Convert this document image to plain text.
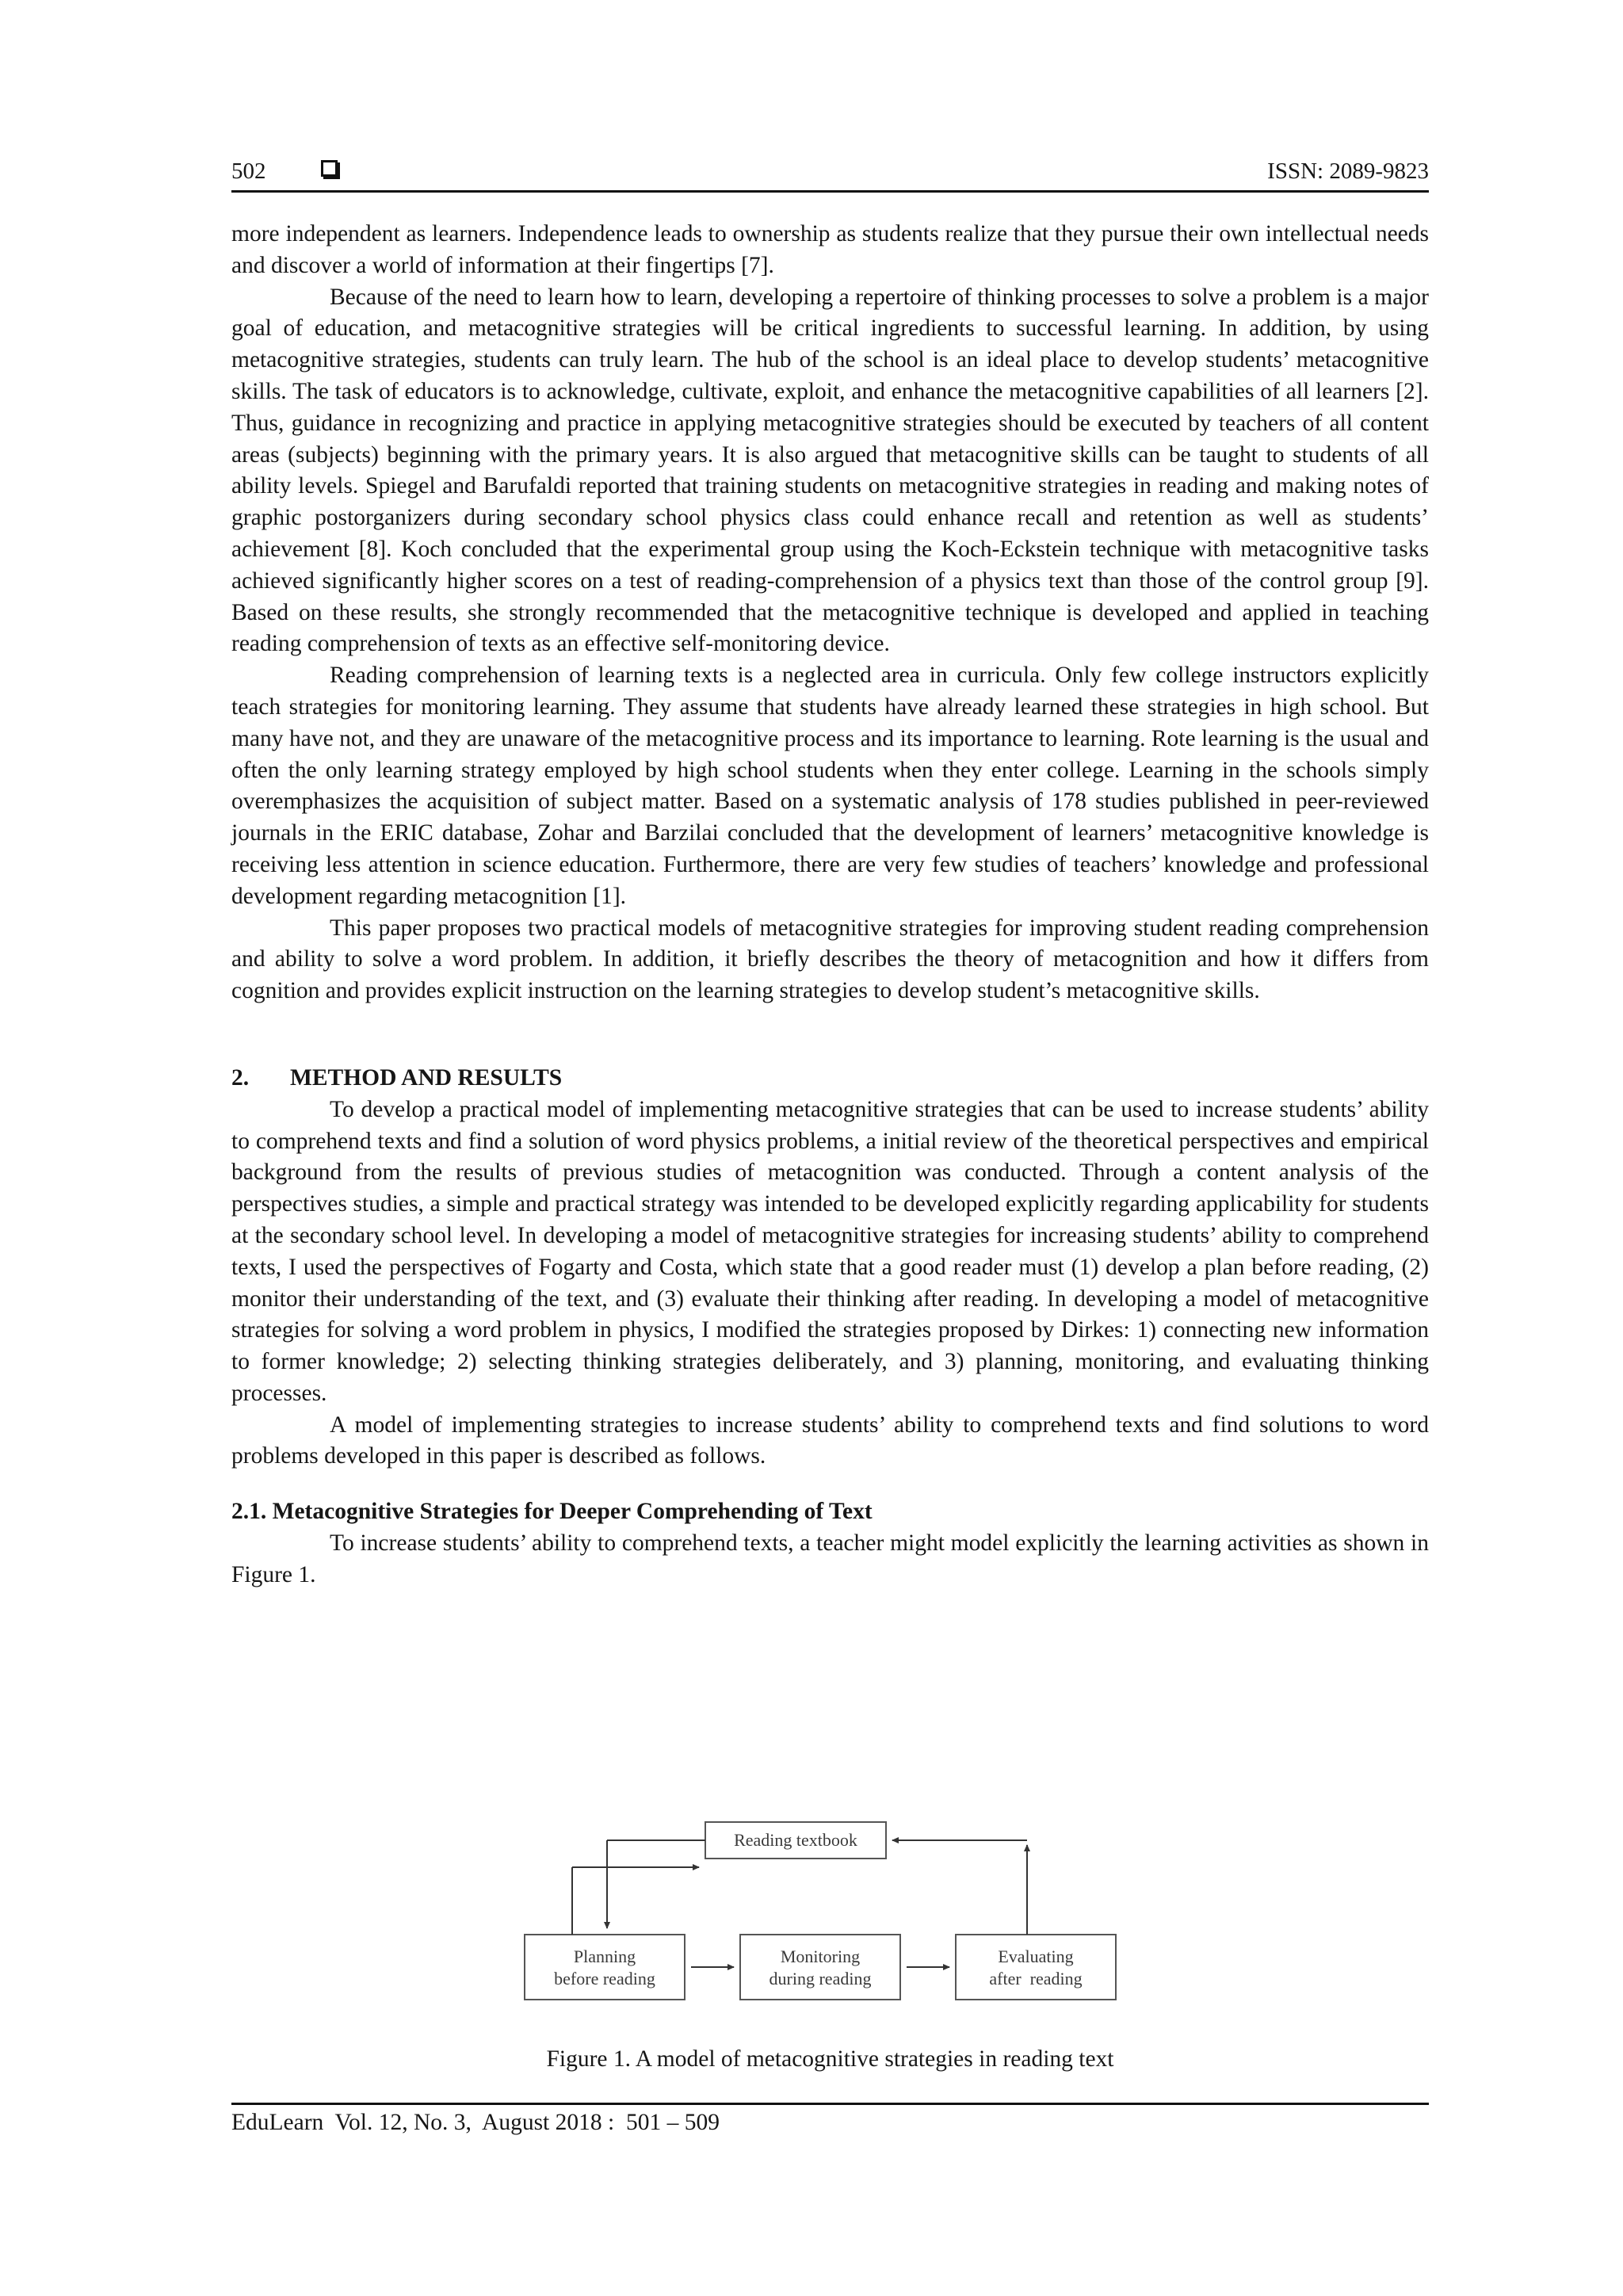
502	ISSN: 2089-9823

more independent as learners. Independence leads to ownership as students realize that they pursue their own intellectual needs and discover a world of information at their fingertips [7].

Because of the need to learn how to learn, developing a repertoire of thinking processes to solve a problem is a major goal of education, and metacognitive strategies will be critical ingredients to successful learning. In addition, by using metacognitive strategies, students can truly learn. The hub of the school is an ideal place to develop students’ metacognitive skills. The task of educators is to acknowledge, cultivate, exploit, and enhance the metacognitive capabilities of all learners [2]. Thus, guidance in recognizing and practice in applying metacognitive strategies should be executed by teachers of all content areas (subjects) beginning with the primary years. It is also argued that metacognitive skills can be taught to students of all ability levels. Spiegel and Barufaldi reported that training students on metacognitive strategies in reading and making notes of graphic postorganizers during secondary school physics class could enhance recall and retention as well as students’ achievement [8]. Koch concluded that the experimental group using the Koch-Eckstein technique with metacognitive tasks achieved significantly higher scores on a test of reading-comprehension of a physics text than those of the control group [9]. Based on these results, she strongly recommended that the metacognitive technique is developed and applied in teaching reading comprehension of texts as an effective self-monitoring device.

Reading comprehension of learning texts is a neglected area in curricula. Only few college instructors explicitly teach strategies for monitoring learning. They assume that students have already learned these strategies in high school. But many have not, and they are unaware of the metacognitive process and its importance to learning. Rote learning is the usual and often the only learning strategy employed by high school students when they enter college. Learning in the schools simply overemphasizes the acquisition of subject matter. Based on a systematic analysis of 178 studies published in peer-reviewed journals in the ERIC database, Zohar and Barzilai concluded that the development of learners’ metacognitive knowledge is receiving less attention in science education. Furthermore, there are very few studies of teachers’ knowledge and professional development regarding metacognition [1].

This paper proposes two practical models of metacognitive strategies for improving student reading comprehension and ability to solve a word problem. In addition, it briefly describes the theory of metacognition and how it differs from cognition and provides explicit instruction on the learning strategies to develop student’s metacognitive skills.

2. METHOD AND RESULTS

To develop a practical model of implementing metacognitive strategies that can be used to increase students’ ability to comprehend texts and find a solution of word physics problems, a initial review of the theoretical perspectives and empirical background from the results of previous studies of metacognition was conducted. Through a content analysis of the perspectives studies, a simple and practical strategy was intended to be developed explicitly regarding applicability for students at the secondary school level. In developing a model of metacognitive strategies for increasing students’ ability to comprehend texts, I used the perspectives of Fogarty and Costa, which state that a good reader must (1) develop a plan before reading, (2) monitor their understanding of the text, and (3) evaluate their thinking after reading. In developing a model of metacognitive strategies for solving a word problem in physics, I modified the strategies proposed by Dirkes: 1) connecting new information to former knowledge; 2) selecting thinking strategies deliberately, and 3) planning, monitoring, and evaluating thinking processes.

A model of implementing strategies to increase students’ ability to comprehend texts and find solutions to word problems developed in this paper is described as follows.

2.1. Metacognitive Strategies for Deeper Comprehending of Text

To increase students’ ability to comprehend texts, a teacher might model explicitly the learning activities as shown in Figure 1.

Reading textbook
Planning
before reading
Monitoring
during reading
Evaluating
after  reading
Figure 1. A model of metacognitive strategies in reading text
EduLearn  Vol. 12, No. 3,  August 2018 :  501 – 509
